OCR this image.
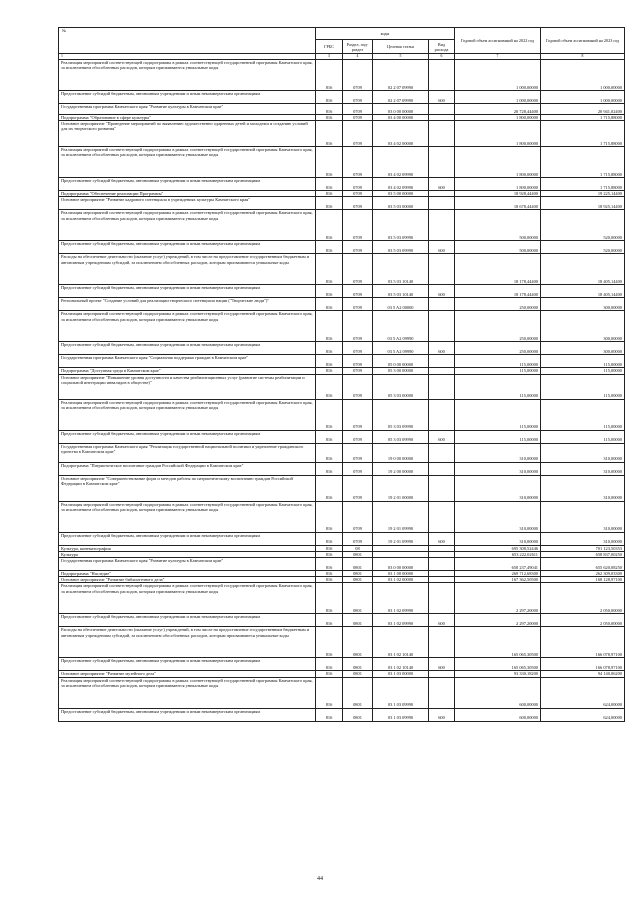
№	коды				Годовой объем ассигнований на 2022 год	Годовой объем ассигнований на 2023 год
	ГРБС	Раздел, под-раздел	Целевая статья	Вид расхода		
1	3	4	5	6	7	8
Реализация мероприятий соответствующей подпрограммы в рамках соответствующей государственной программы Камчатского края, за исключением обособленных расходов, которым присваиваются уникальные коды	816	0709	02 2 07 09990		1 000,00000	1 000,00000
Предоставление субсидий бюджетным, автономным учреждениям и иным некоммерческим организациям	816	0709	02 2 07 09990	600	1 000,00000	1 000,00000
Государственная программа Камчатского края "Развитие культуры в Камчатском крае"	816	0709	03 0 00 00000		20 728,44400	20 941,02400
Подпрограмма "Образование в сфере культуры"	816	0709	03 4 00 00000		1 800,00000	1 715,88000
Основное мероприятие "Проведение мероприятий по выявлению художественно одаренных детей и молодежи и созданию условий для их творческого развития"	816	0709	03 4 02 00000		1 800,00000	1 715,88000
Реализация мероприятий соответствующей подпрограммы в рамках соответствующей государственной программы Камчатского края, за исключением обособленных расходов, которым присваиваются уникальные коды	816	0709	03 4 02 09990		1 800,00000	1 715,88000
Предоставление субсидий бюджетным, автономным учреждениям и иным некоммерческим организациям	816	0709	03 4 02 09990	600	1 800,00000	1 715,88000
Подпрограмма "Обеспечение реализации Программы"	816	0709	03 5 00 00000		18 928,44400	19 225,14400
Основное мероприятие "Развитие кадрового потенциала в учреждениях культуры Камчатского края"	816	0709	03 5 03 00000		18 678,44400	18 925,14400
Реализация мероприятий соответствующей подпрограммы в рамках соответствующей государственной программы Камчатского края, за исключением обособленных расходов, которым присваиваются уникальные коды	816	0709	03 5 03 09990		500,00000	520,00000
Предоставление субсидий бюджетным, автономным учреждениям и иным некоммерческим организациям	816	0709	03 5 03 09990	600	500,00000	520,00000
Расходы на обеспечение деятельности (оказание услуг) учреждений, в том числе на предоставление государственным бюджетным и автономным учреждениям субсидий, за исключением обособленных расходов, которым присваиваются уникальные коды	816	0709	03 5 03 10140		18 178,44400	18 405,14400
Предоставление субсидий бюджетным, автономным учреждениям и иным некоммерческим организациям	816	0709	03 5 03 10140	600	18 178,44400	18 405,14400
Региональный проект "Создание условий для реализации творческого потенциала нации ("Творческие люди")"	816	0709	03 5 A2 00000		250,00000	300,00000
Реализация мероприятий соответствующей подпрограммы в рамках соответствующей государственной программы Камчатского края, за исключением обособленных расходов, которым присваиваются уникальные коды	816	0709	03 5 A2 09990		250,00000	300,00000
Предоставление субсидий бюджетным, автономным учреждениям и иным некоммерческим организациям	816	0709	03 5 A2 09990	600	250,00000	300,00000
Государственная программа Камчатского края "Социальная поддержка граждан в Камчатском крае"	816	0709	05 0 00 00000		115,00000	115,00000
Подпрограмма "Доступная среда в Камчатском крае"	816	0709	05 3 00 00000		115,00000	115,00000
Основное мероприятие "Повышение уровня доступности и качества реабилитационных услуг (развитие системы реабилитации и социальной интеграции инвалидов в обществе)"	816	0709	05 3 03 00000		115,00000	115,00000
Реализация мероприятий соответствующей подпрограммы в рамках соответствующей государственной программы Камчатского края, за исключением обособленных расходов, которым присваиваются уникальные коды	816	0709	05 3 03 09990		115,00000	115,00000
Предоставление субсидий бюджетным, автономным учреждениям и иным некоммерческим организациям	816	0709	05 3 03 09990	600	115,00000	115,00000
Государственная программа Камчатского края "Реализация государственной национальной политики и укрепление гражданского единства в Камчатском крае"	816	0709	19 0 00 00000		310,00000	310,00000
Подпрограмма "Патриотическое воспитание граждан Российской Федерации в Камчатском крае"	816	0709	19 2 00 00000		310,00000	310,00000
Основное мероприятие "Совершенствование форм и методов работы по патриотическому воспитанию граждан Российской Федерации в Камчатском крае"	816	0709	19 2 01 00000		310,00000	310,00000
Реализация мероприятий соответствующей подпрограммы в рамках соответствующей государственной программы Камчатского края, за исключением обособленных расходов, которым присваиваются уникальные коды	816	0709	19 2 01 09990		310,00000	310,00000
Предоставление субсидий бюджетным, автономным учреждениям и иным некоммерческим организациям	816	0709	19 2 01 09990	600	310,00000	310,00000
Культура, кинематография	816	08			695 308,52446	701 123,50353
Культура	816	0801			653 222,02611	658 837,00250
Государственная программа Камчатского края "Развитие культуры в Камчатском крае"	816	0801	03 0 00 00000		650 237,49041	655 620,08250
Подпрограмма "Наследие"	816	0801	03 1 00 00000		269 712,68300	262 309,03300
Основное мероприятие "Развитие библиотечного дела"	816	0801	03 1 02 00000		167 362,50500	168 128,97100
Реализация мероприятий соответствующей подпрограммы в рамках соответствующей государственной программы Камчатского края, за исключением обособленных расходов, которым присваиваются уникальные коды	816	0801	03 1 02 09990		2 297,20000	2 050,00000
Предоставление субсидий бюджетным, автономным учреждениям и иным некоммерческим организациям	816	0801	03 1 02 09990	600	2 297,20000	2 050,00000
Расходы на обеспечение деятельности (оказание услуг) учреждений, в том числе на предоставление государственным бюджетным и автономным учреждениям субсидий, за исключением обособленных расходов, которым присваиваются уникальные коды	816	0801	03 1 02 10140		165 065,30500	166 078,97100
Предоставление субсидий бюджетным, автономным учреждениям и иным некоммерческим организациям	816	0801	03 1 02 10140	600	165 065,30500	166 078,97100
Основное мероприятие "Развитие музейного дела"	816	0801	03 1 03 00000		93 330,18200	94 140,06200
Реализация мероприятий соответствующей подпрограммы в рамках соответствующей государственной программы Камчатского края, за исключением обособленных расходов, которым присваиваются уникальные коды	816	0801	03 1 03 09990		600,00000	624,00000
Предоставление субсидий бюджетным, автономным учреждениям и иным некоммерческим организациям	816	0801	03 1 03 09990	600	600,00000	624,00000
44
